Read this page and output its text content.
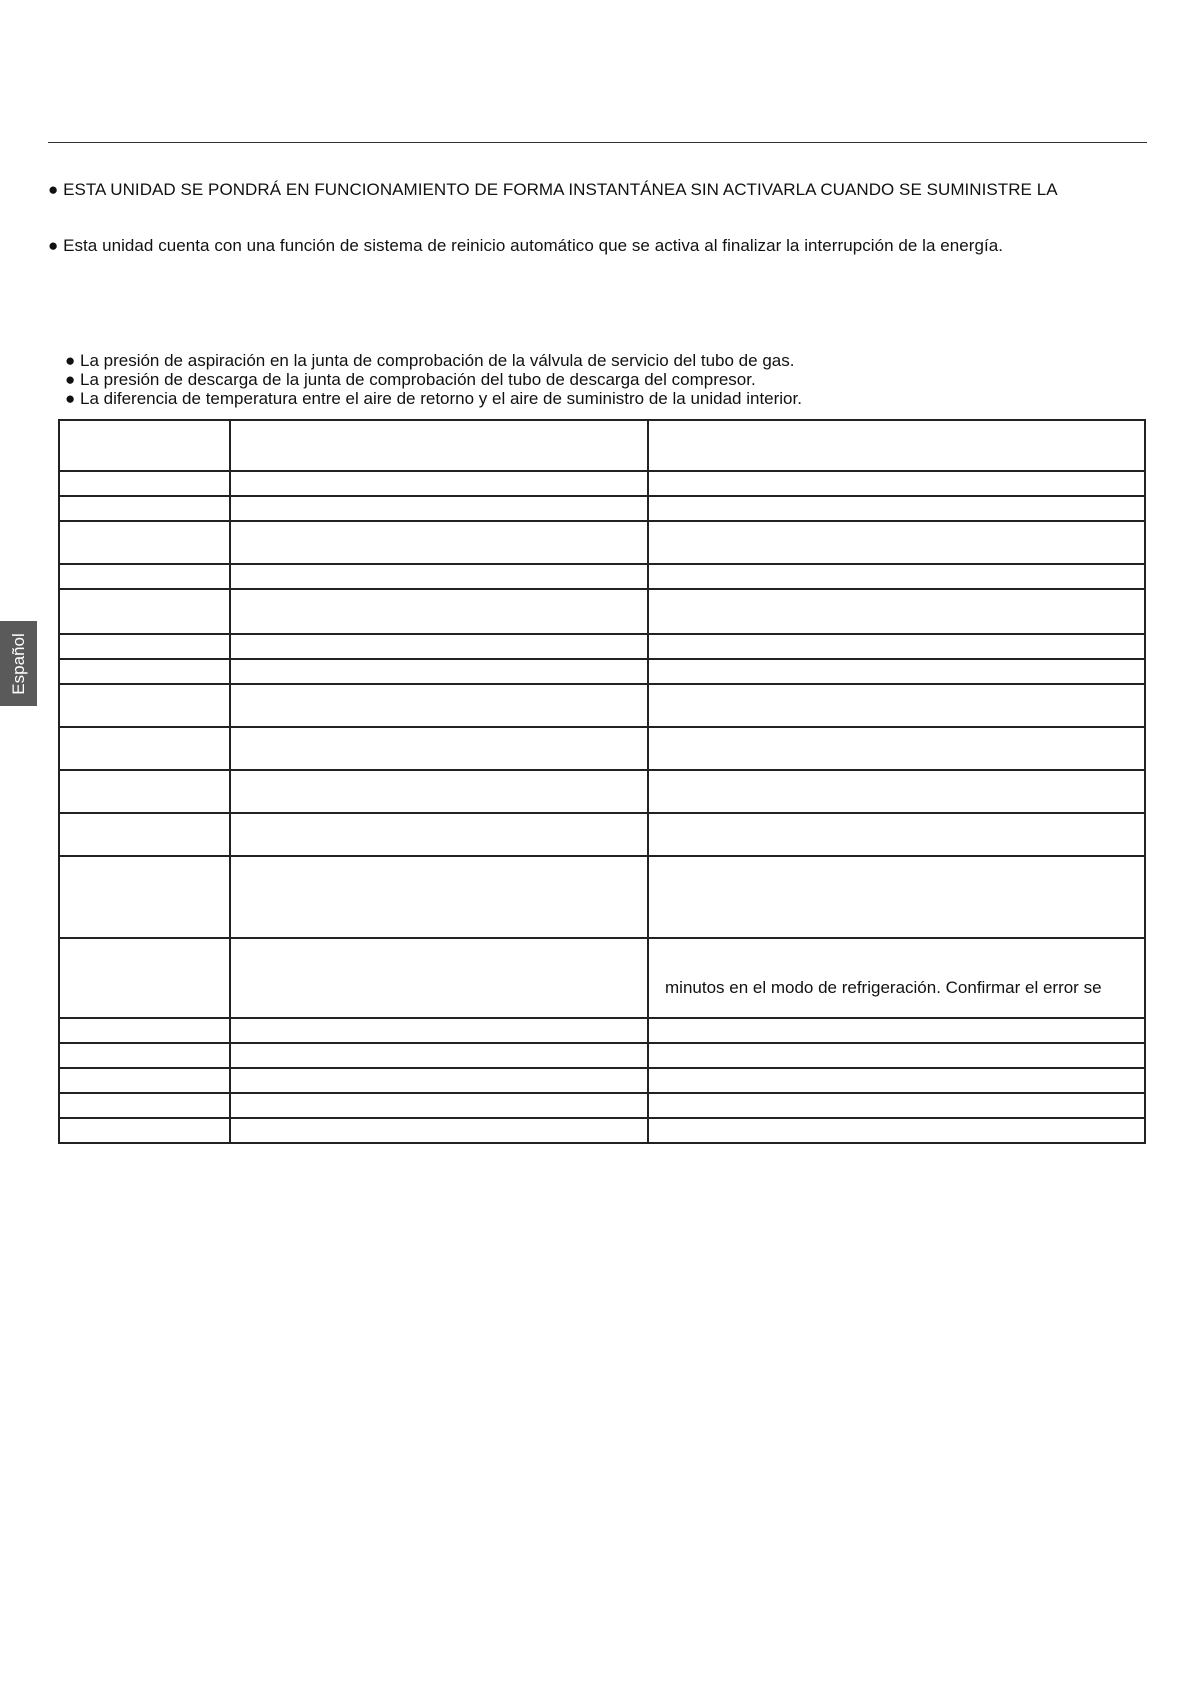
● ESTA UNIDAD SE PONDRÁ EN FUNCIONAMIENTO DE FORMA INSTANTÁNEA SIN ACTIVARLA CUANDO SE SUMINISTRE LA
● Esta unidad cuenta con una función de sistema de reinicio automático que se activa al finalizar la interrupción de la energía.
● La presión de aspiración en la junta de comprobación de la válvula de servicio del tubo de gas.
● La presión de descarga de la junta de comprobación del tubo de descarga del compresor.
● La diferencia de temperatura entre el aire de retorno y el aire de suministro de la unidad interior.
Español

		minutos en el modo de refrigeración. Confirmar el error se
